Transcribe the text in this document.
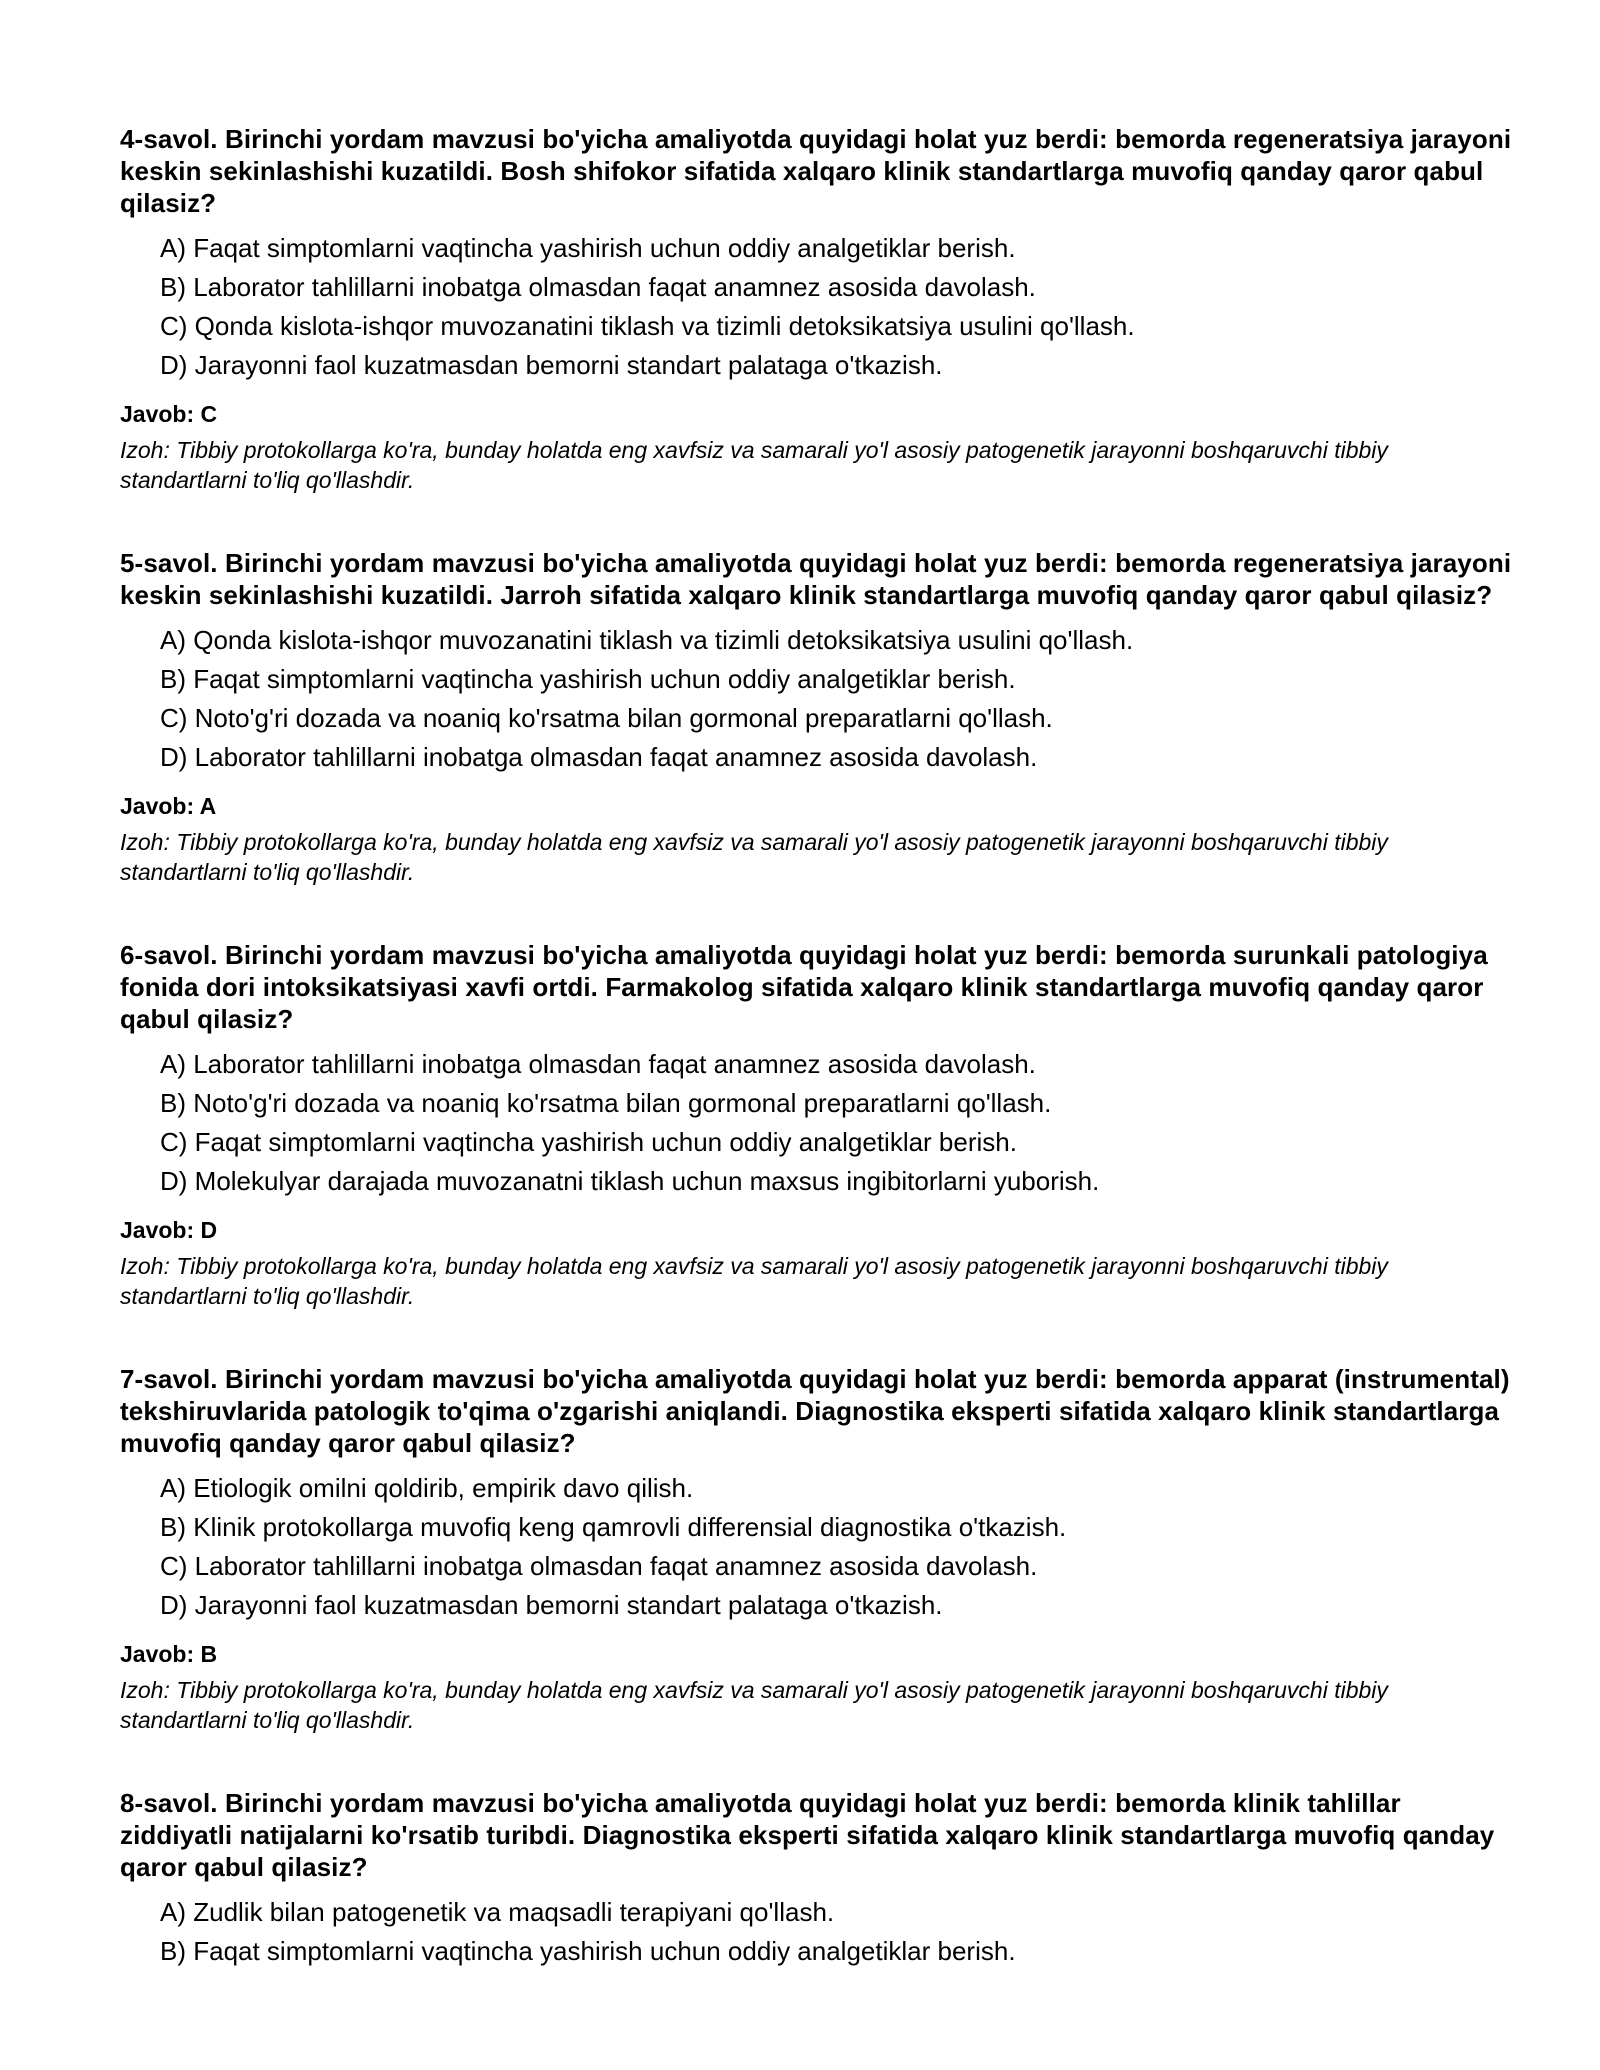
4-savol. Birinchi yordam mavzusi bo'yicha amaliyotda quyidagi holat yuz berdi: bemorda regeneratsiya jarayoni keskin sekinlashishi kuzatildi. Bosh shifokor sifatida xalqaro klinik standartlarga muvofiq qanday qaror qabul qilasiz?

A) Faqat simptomlarni vaqtincha yashirish uchun oddiy analgetiklar berish.
B) Laborator tahlillarni inobatga olmasdan faqat anamnez asosida davolash.
C) Qonda kislota-ishqor muvozanatini tiklash va tizimli detoksikatsiya usulini qo'llash.
D) Jarayonni faol kuzatmasdan bemorni standart palataga o'tkazish.

Javob: C

Izoh: Tibbiy protokollarga ko'ra, bunday holatda eng xavfsiz va samarali yo'l asosiy patogenetik jarayonni boshqaruvchi tibbiy standartlarni to'liq qo'llashdir.

5-savol. Birinchi yordam mavzusi bo'yicha amaliyotda quyidagi holat yuz berdi: bemorda regeneratsiya jarayoni keskin sekinlashishi kuzatildi. Jarroh sifatida xalqaro klinik standartlarga muvofiq qanday qaror qabul qilasiz?

A) Qonda kislota-ishqor muvozanatini tiklash va tizimli detoksikatsiya usulini qo'llash.
B) Faqat simptomlarni vaqtincha yashirish uchun oddiy analgetiklar berish.
C) Noto'g'ri dozada va noaniq ko'rsatma bilan gormonal preparatlarni qo'llash.
D) Laborator tahlillarni inobatga olmasdan faqat anamnez asosida davolash.

Javob: A

Izoh: Tibbiy protokollarga ko'ra, bunday holatda eng xavfsiz va samarali yo'l asosiy patogenetik jarayonni boshqaruvchi tibbiy standartlarni to'liq qo'llashdir.

6-savol. Birinchi yordam mavzusi bo'yicha amaliyotda quyidagi holat yuz berdi: bemorda surunkali patologiya fonida dori intoksikatsiyasi xavfi ortdi. Farmakolog sifatida xalqaro klinik standartlarga muvofiq qanday qaror qabul qilasiz?

A) Laborator tahlillarni inobatga olmasdan faqat anamnez asosida davolash.
B) Noto'g'ri dozada va noaniq ko'rsatma bilan gormonal preparatlarni qo'llash.
C) Faqat simptomlarni vaqtincha yashirish uchun oddiy analgetiklar berish.
D) Molekulyar darajada muvozanatni tiklash uchun maxsus ingibitorlarni yuborish.

Javob: D

Izoh: Tibbiy protokollarga ko'ra, bunday holatda eng xavfsiz va samarali yo'l asosiy patogenetik jarayonni boshqaruvchi tibbiy standartlarni to'liq qo'llashdir.

7-savol. Birinchi yordam mavzusi bo'yicha amaliyotda quyidagi holat yuz berdi: bemorda apparat (instrumental) tekshiruvlarida patologik to'qima o'zgarishi aniqlandi. Diagnostika eksperti sifatida xalqaro klinik standartlarga muvofiq qanday qaror qabul qilasiz?

A) Etiologik omilni qoldirib, empirik davo qilish.
B) Klinik protokollarga muvofiq keng qamrovli differensial diagnostika o'tkazish.
C) Laborator tahlillarni inobatga olmasdan faqat anamnez asosida davolash.
D) Jarayonni faol kuzatmasdan bemorni standart palataga o'tkazish.

Javob: B

Izoh: Tibbiy protokollarga ko'ra, bunday holatda eng xavfsiz va samarali yo'l asosiy patogenetik jarayonni boshqaruvchi tibbiy standartlarni to'liq qo'llashdir.

8-savol. Birinchi yordam mavzusi bo'yicha amaliyotda quyidagi holat yuz berdi: bemorda klinik tahlillar ziddiyatli natijalarni ko'rsatib turibdi. Diagnostika eksperti sifatida xalqaro klinik standartlarga muvofiq qanday qaror qabul qilasiz?

A) Zudlik bilan patogenetik va maqsadli terapiyani qo'llash.
B) Faqat simptomlarni vaqtincha yashirish uchun oddiy analgetiklar berish.
